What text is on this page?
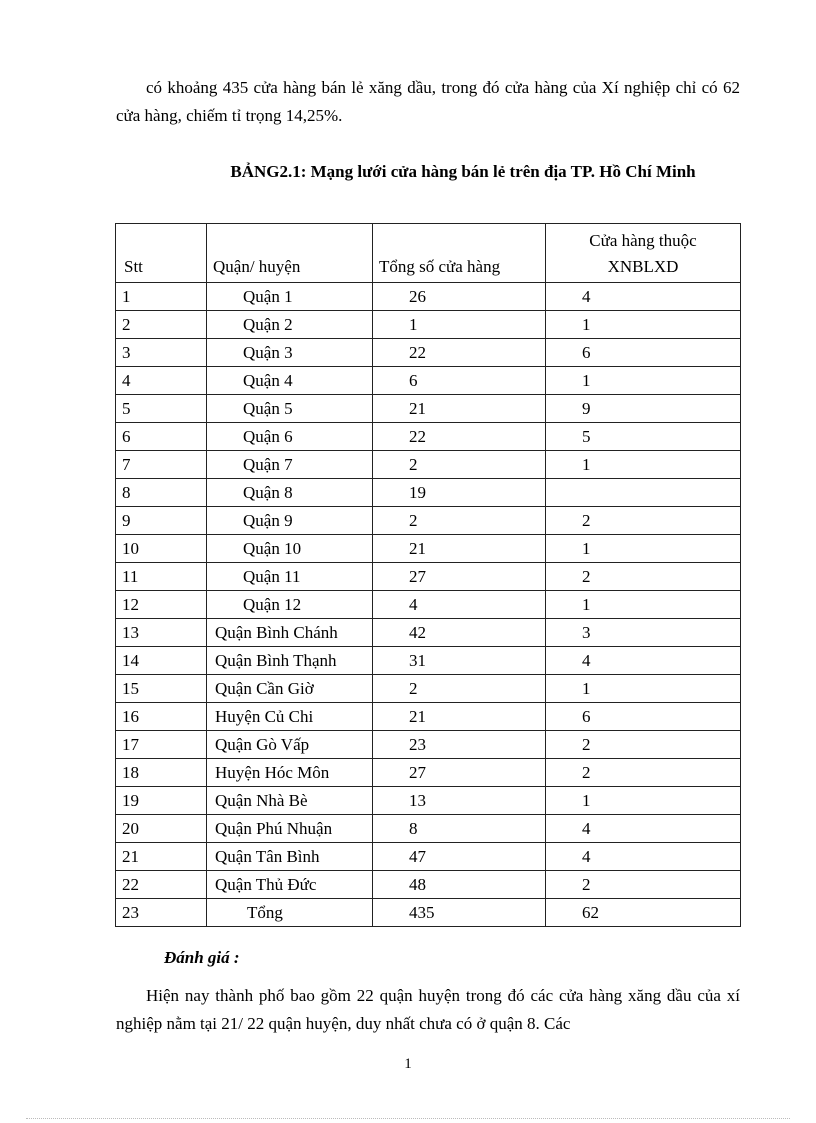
có khoảng 435 cửa hàng bán lẻ xăng dầu, trong đó cửa hàng của Xí nghiệp chỉ có 62 cửa hàng, chiếm tỉ trọng 14,25%.

BẢNG2.1: Mạng lưới cửa hàng bán lẻ trên địa TP. Hồ Chí Minh

Stt	Quận/ huyện	Tổng số cửa hàng	Cửa hàng thuộc
XNBLXD
1	Quận 1	26	4
2	Quận 2	1	1
3	Quận 3	22	6
4	Quận 4	6	1
5	Quận 5	21	9
6	Quận 6	22	5
7	Quận 7	2	1
8	Quận 8	19	
9	Quận 9	2	2
10	Quận 10	21	1
11	Quận 11	27	2
12	Quận 12	4	1
13	Quận Bình Chánh	42	3
14	Quận Bình Thạnh	31	4
15	Quận Cần Giờ	2	1
16	Huyện Củ Chi	21	6
17	Quận Gò Vấp	23	2
18	Huyện Hóc Môn	27	2
19	Quận Nhà Bè	13	1
20	Quận Phú Nhuận	8	4
21	Quận Tân Bình	47	4
22	Quận Thủ Đức	48	2
23	Tổng	435	62

Đánh giá :

Hiện nay thành phố bao gồm 22 quận huyện trong đó các cửa hàng xăng dầu của xí nghiệp nằm tại 21/ 22 quận huyện, duy nhất chưa có ở quận 8. Các

1
